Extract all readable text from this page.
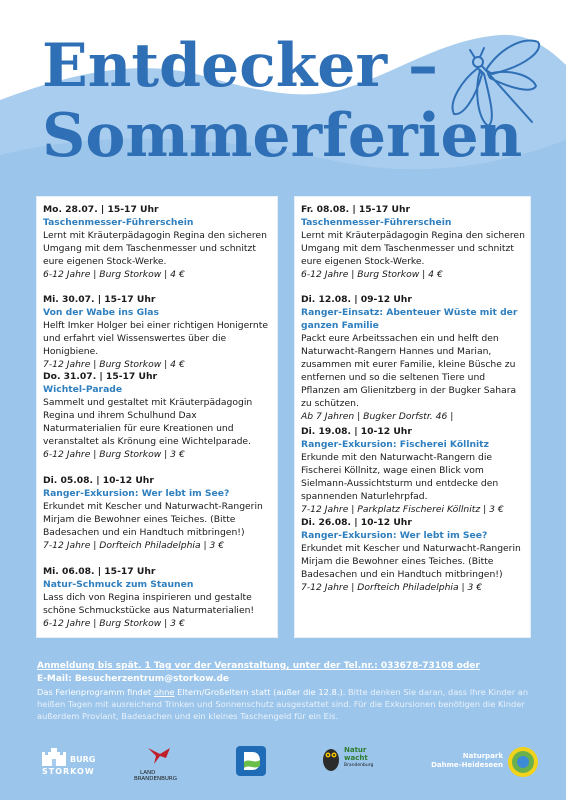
Entdecker –
Sommerferien
Mo. 28.07. | 15-17 Uhr
Taschenmesser-Führerschein
Lernt mit Kräuterpädagogin Regina den sicheren Umgang mit dem Taschenmesser und schnitzt eure eigenen Stock-Werke.
6-12 Jahre | Burg Storkow | 4 €
Mi. 30.07. | 15-17 Uhr
Von der Wabe ins Glas
Helft Imker Holger bei einer richtigen Honigernte und erfahrt viel Wissenswertes über die Honigbiene.
7-12 Jahre | Burg Storkow | 4 €
Do. 31.07. | 15-17 Uhr
Wichtel-Parade
Sammelt und gestaltet mit Kräuterpädagogin Regina und ihrem Schulhund Dax Naturmaterialien für eure Kreationen und veranstaltet als Krönung eine Wichtelparade.
6-12 Jahre | Burg Storkow | 3 €
Di. 05.08. | 10-12 Uhr
Ranger-Exkursion: Wer lebt im See?
Erkundet mit Kescher und Naturwacht-Rangerin Mirjam die Bewohner eines Teiches. (Bitte Badesachen und ein Handtuch mitbringen!)
7-12 Jahre | Dorfteich Philadelphia | 3 €
Mi. 06.08. | 15-17 Uhr
Natur-Schmuck zum Staunen
Lass dich von Regina inspirieren und gestalte schöne Schmuckstücke aus Naturmaterialien!
6-12 Jahre | Burg Storkow | 3 €
Fr. 08.08. | 15-17 Uhr
Taschenmesser-Führerschein
Lernt mit Kräuterpädagogin Regina den sicheren Umgang mit dem Taschenmesser und schnitzt eure eigenen Stock-Werke.
6-12 Jahre | Burg Storkow | 4 €
Di. 12.08. | 09-12 Uhr
Ranger-Einsatz: Abenteuer Wüste mit der ganzen Familie
Packt eure Arbeitssachen ein und helft den Naturwacht-Rangern Hannes und Marian, zusammen mit eurer Familie, kleine Büsche zu entfernen und so die seltenen Tiere und Pflanzen am Glienitzberg in der Bugker Sahara zu schützen.
Ab 7 Jahren | Bugker Dorfstr. 46 |
Di. 19.08. | 10-12 Uhr
Ranger-Exkursion: Fischerei Köllnitz
Erkunde mit den Naturwacht-Rangern die Fischerei Köllnitz, wage einen Blick vom Sielmann-Aussichtsturm und entdecke den spannenden Naturlehrpfad.
7-12 Jahre | Parkplatz Fischerei Köllnitz | 3 €
Di. 26.08. | 10-12 Uhr
Ranger-Exkursion: Wer lebt im See?
Erkundet mit Kescher und Naturwacht-Rangerin Mirjam die Bewohner eines Teiches. (Bitte Badesachen und ein Handtuch mitbringen!)
7-12 Jahre | Dorfteich Philadelphia | 3 €
Anmeldung bis spät. 1 Tag vor der Veranstaltung, unter der Tel.nr.: 033678-73108 oder
E-Mail: Besucherzentrum@storkow.de
Das Ferienprogramm findet ohne Eltern/Großeltern statt (außer die 12.8.). Bitte denken Sie daran, dass Ihre Kinder an heißen Tagen mit ausreichend Trinken und Sonnenschutz ausgestattet sind. Für die Exkursionen benötigen die Kinder außerdem Proviant, Badesachen und ein kleines Taschengeld für ein Eis.
BURG
STORKOW	LAND
BRANDENBURG
Natur
wacht
Brandenburg
Naturpark
Dahme-Heideseen
